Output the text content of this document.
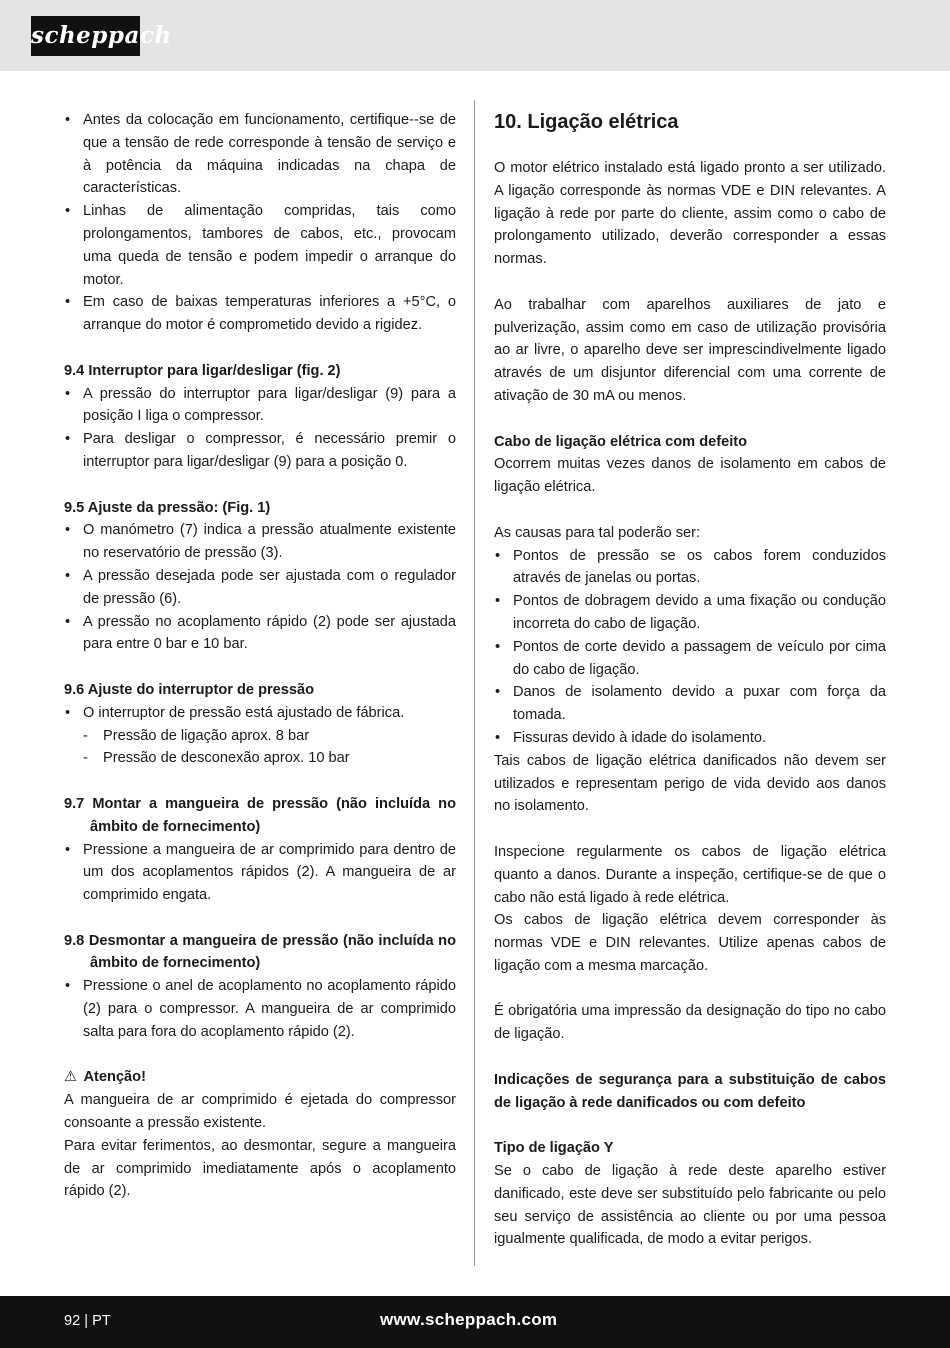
scheppach
• Antes da colocação em funcionamento, certifique--se de que a tensão de rede corresponde à tensão de serviço e à potência da máquina indicadas na chapa de características.
• Linhas de alimentação compridas, tais como prolongamentos, tambores de cabos, etc., provocam uma queda de tensão e podem impedir o arranque do motor.
• Em caso de baixas temperaturas inferiores a +5°C, o arranque do motor é comprometido devido a rigidez.

9.4 Interruptor para ligar/desligar (fig. 2)

• A pressão do interruptor para ligar/desligar (9) para a posição I liga o compressor.
• Para desligar o compressor, é necessário premir o interruptor para ligar/desligar (9) para a posição 0.

9.5 Ajuste da pressão: (Fig. 1)

• O manómetro (7) indica a pressão atualmente existente no reservatório de pressão (3).
• A pressão desejada pode ser ajustada com o regulador de pressão (6).
• A pressão no acoplamento rápido (2) pode ser ajustada para entre 0 bar e 10 bar.

9.6 Ajuste do interruptor de pressão

• O interruptor de pressão está ajustado de fábrica.
- Pressão de ligação aprox. 8 bar
- Pressão de desconexão aprox. 10 bar

9.7 Montar a mangueira de pressão (não incluída no âmbito de fornecimento)

• Pressione a mangueira de ar comprimido para dentro de um dos acoplamentos rápidos (2). A mangueira de ar comprimido engata.

9.8 Desmontar a mangueira de pressão (não incluída no âmbito de fornecimento)

• Pressione o anel de acoplamento no acoplamento rápido (2) para o compressor. A mangueira de ar comprimido salta para fora do acoplamento rápido (2).

⚠ Atenção!

A mangueira de ar comprimido é ejetada do compressor consoante a pressão existente.

Para evitar ferimentos, ao desmontar, segure a mangueira de ar comprimido imediatamente após o acoplamento rápido (2).

10. Ligação elétrica

O motor elétrico instalado está ligado pronto a ser utilizado. A ligação corresponde às normas VDE e DIN relevantes. A ligação à rede por parte do cliente, assim como o cabo de prolongamento utilizado, deverão corresponder a essas normas.

Ao trabalhar com aparelhos auxiliares de jato e pulverização, assim como em caso de utilização provisória ao ar livre, o aparelho deve ser imprescindivelmente ligado através de um disjuntor diferencial com uma corrente de ativação de 30 mA ou menos.

Cabo de ligação elétrica com defeito

Ocorrem muitas vezes danos de isolamento em cabos de ligação elétrica.

As causas para tal poderão ser:

• Pontos de pressão se os cabos forem conduzidos através de janelas ou portas.
• Pontos de dobragem devido a uma fixação ou condução incorreta do cabo de ligação.
• Pontos de corte devido a passagem de veículo por cima do cabo de ligação.
• Danos de isolamento devido a puxar com força da tomada.
• Fissuras devido à idade do isolamento.

Tais cabos de ligação elétrica danificados não devem ser utilizados e representam perigo de vida devido aos danos no isolamento.

Inspecione regularmente os cabos de ligação elétrica quanto a danos. Durante a inspeção, certifique-se de que o cabo não está ligado à rede elétrica.

Os cabos de ligação elétrica devem corresponder às normas VDE e DIN relevantes. Utilize apenas cabos de ligação com a mesma marcação.

É obrigatória uma impressão da designação do tipo no cabo de ligação.

Indicações de segurança para a substituição de cabos de ligação à rede danificados ou com defeito

Tipo de ligação Y

Se o cabo de ligação à rede deste aparelho estiver danificado, este deve ser substituído pelo fabricante ou pelo seu serviço de assistência ao cliente ou por uma pessoa igualmente qualificada, de modo a evitar perigos.

92 | PT	www.scheppach.com
